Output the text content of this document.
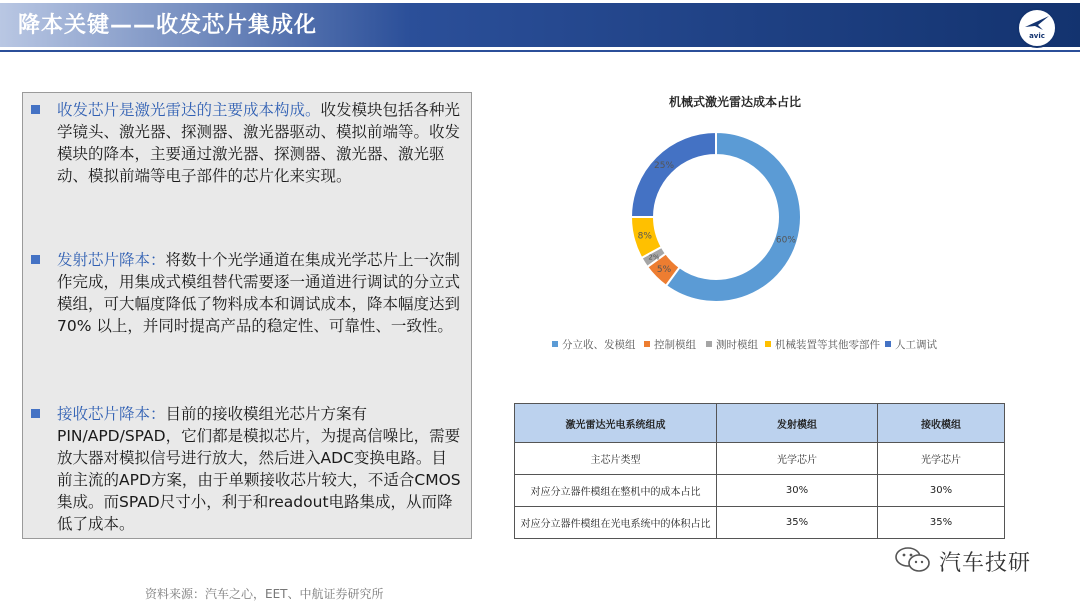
降本关键——收发芯片集成化	avic
收发芯片是激光雷达的主要成本构成。收发模块包括各种光学镜头、激光器、探测器、激光器驱动、模拟前端等。收发模块的降本，主要通过激光器、探测器、激光器、激光驱动、模拟前端等电子部件的芯片化来实现。
发射芯片降本：将数十个光学通道在集成光学芯片上一次制作完成，用集成式模组替代需要逐一通道进行调试的分立式模组，可大幅度降低了物料成本和调试成本，降本幅度达到 70% 以上，并同时提高产品的稳定性、可靠性、一致性。
接收芯片降本：目前的接收模组光芯片方案有PIN/APD/SPAD，它们都是模拟芯片，为提高信噪比，需要放大器对模拟信号进行放大，然后进入ADC变换电路。目前主流的APD方案，由于单颗接收芯片较大，不适合CMOS集成。而SPAD尺寸小，利于和readout电路集成，从而降低了成本。
资料来源：汽车之心，EET、中航证券研究所
机械式激光雷达成本占比
60%
5%
2%
8%
25%
分立收、发模组	控制模组	测时模组	机械装置等其他零部件	人工调试
激光雷达光电系统组成	发射模组	接收模组
主芯片类型	光学芯片	光学芯片
对应分立器件模组在整机中的成本占比	30%	30%
对应分立器件模组在光电系统中的体积占比	35%	35%
汽车技研
